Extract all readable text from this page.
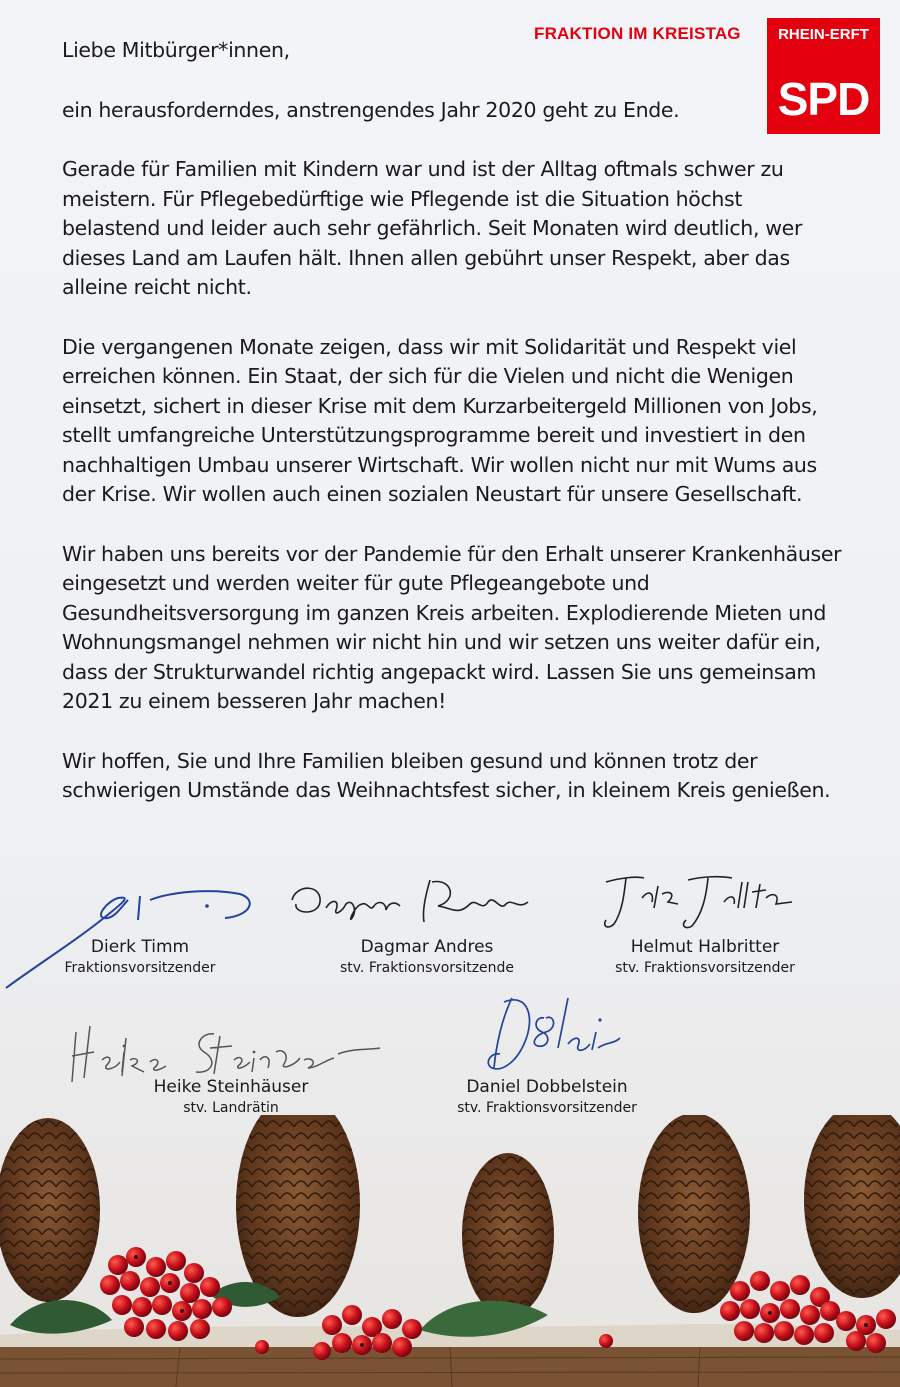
FRAKTION IM KREISTAG	RHEIN-ERFT
SPD

Liebe Mitbürger*innen,

ein herausforderndes, anstrengendes Jahr 2020 geht zu Ende.

Gerade für Familien mit Kindern war und ist der Alltag oftmals schwer zu meistern. Für Pflegebedürftige wie Pflegende ist die Situation höchst belastend und leider auch sehr gefährlich. Seit Monaten wird deutlich, wer dieses Land am Laufen hält. Ihnen allen gebührt unser Respekt, aber das alleine reicht nicht.

Die vergangenen Monate zeigen, dass wir mit Solidarität und Respekt viel erreichen können. Ein Staat, der sich für die Vielen und nicht die Wenigen einsetzt, sichert in dieser Krise mit dem Kurzarbeitergeld Millionen von Jobs, stellt umfangreiche Unterstützungsprogramme bereit und investiert in den nachhaltigen Umbau unserer Wirtschaft. Wir wollen nicht nur mit Wums aus der Krise. Wir wollen auch einen sozialen Neustart für unsere Gesellschaft.

Wir haben uns bereits vor der Pandemie für den Erhalt unserer Krankenhäuser eingesetzt und werden weiter für gute Pflegeangebote und Gesundheitsversorgung im ganzen Kreis arbeiten. Explodierende Mieten und Wohnungsmangel nehmen wir nicht hin und wir setzen uns weiter dafür ein, dass der Strukturwandel richtig angepackt wird. Lassen Sie uns gemeinsam 2021 zu einem besseren Jahr machen!

Wir hoffen, Sie und Ihre Familien bleiben gesund und können trotz der schwierigen Umstände das Weihnachtsfest sicher, in kleinem Kreis genießen.

Dierk Timm
Fraktionsvorsitzender
Dagmar Andres
stv. Fraktionsvorsitzende
Helmut Halbritter
stv. Fraktionsvorsitzender
Heike Steinhäuser
stv. Landrätin
Daniel Dobbelstein
stv. Fraktionsvorsitzender
